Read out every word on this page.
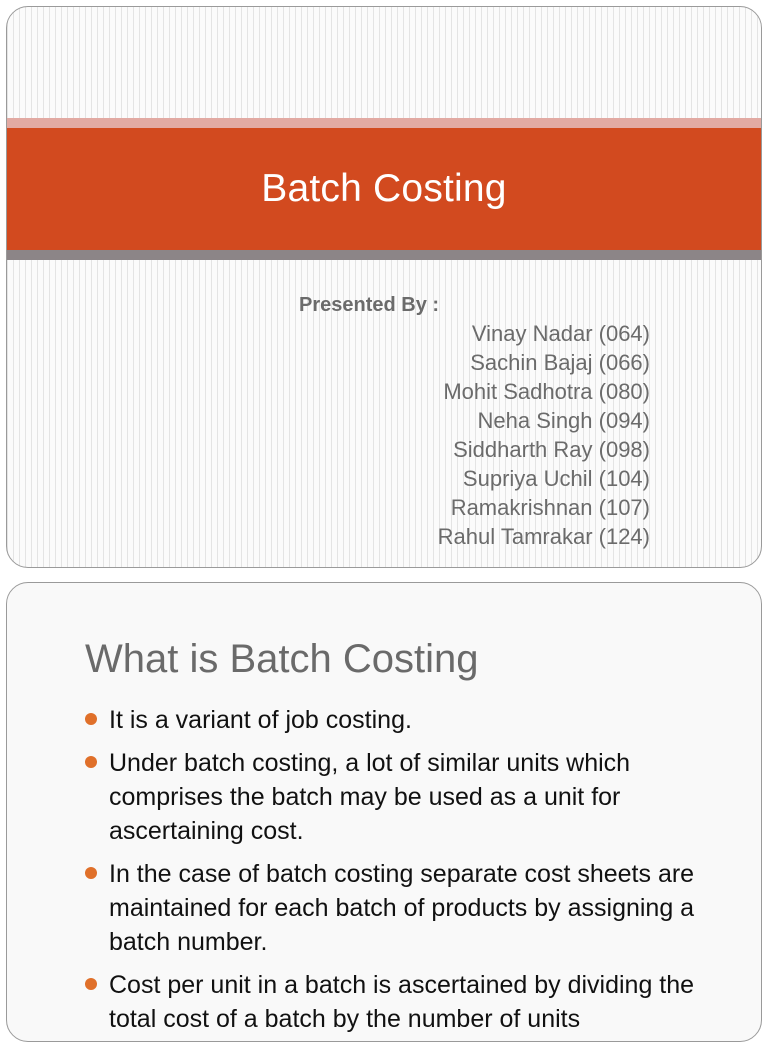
Batch Costing
Presented By :
Vinay Nadar (064)
Sachin Bajaj (066)
Mohit Sadhotra (080)
Neha Singh (094)
Siddharth Ray (098)
Supriya Uchil (104)
Ramakrishnan (107)
Rahul Tamrakar (124)
What is Batch Costing
It is a variant of job costing.
Under batch costing, a lot of similar units which comprises the batch may be used as a unit for ascertaining cost.
In the case of batch costing separate cost sheets are maintained for each batch of products by assigning a batch number.
Cost per unit in a batch is ascertained by dividing the total cost of a batch by the number of units
